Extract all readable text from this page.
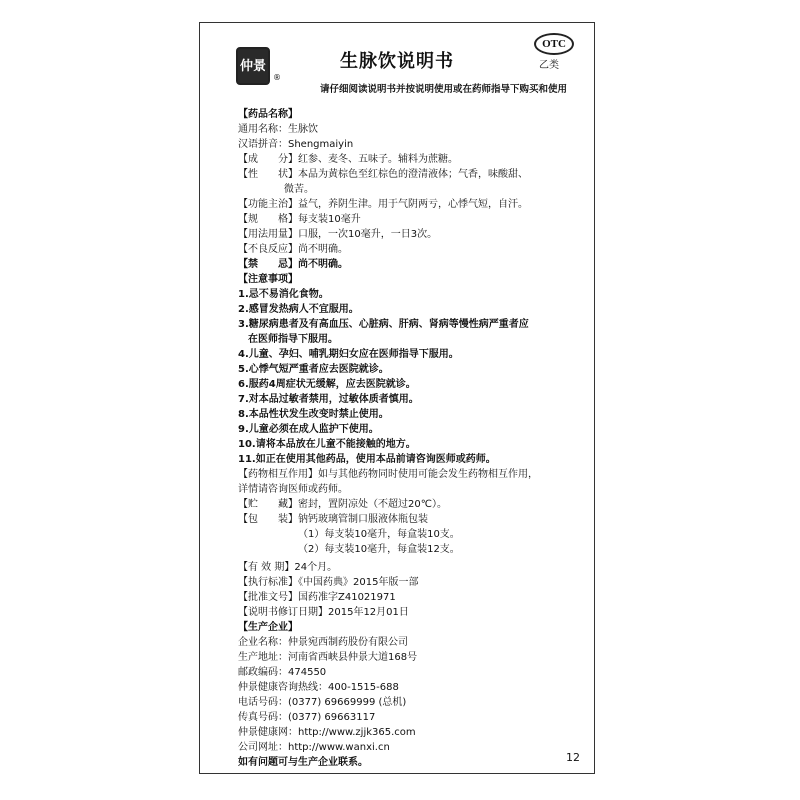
仲景
®
生脉饮说明书
OTC
乙类
请仔细阅读说明书并按说明使用或在药师指导下购买和使用
【药品名称】
通用名称：生脉饮
汉语拼音：Shengmaiyin
【成　　分】红参、麦冬、五味子。辅料为蔗糖。
【性　　状】本品为黄棕色至红棕色的澄清液体；气香，味酸甜、
微苦。
【功能主治】益气，养阴生津。用于气阴两亏，心悸气短，自汗。
【规　　格】每支装10毫升
【用法用量】口服，一次10毫升，一日3次。
【不良反应】尚不明确。
【禁　　忌】尚不明确。
【注意事项】
1.忌不易消化食物。
2.感冒发热病人不宜服用。
3.糖尿病患者及有高血压、心脏病、肝病、肾病等慢性病严重者应
在医师指导下服用。
4.儿童、孕妇、哺乳期妇女应在医师指导下服用。
5.心悸气短严重者应去医院就诊。
6.服药4周症状无缓解，应去医院就诊。
7.对本品过敏者禁用，过敏体质者慎用。
8.本品性状发生改变时禁止使用。
9.儿童必须在成人监护下使用。
10.请将本品放在儿童不能接触的地方。
11.如正在使用其他药品，使用本品前请咨询医师或药师。
【药物相互作用】如与其他药物同时使用可能会发生药物相互作用，
详情请咨询医师或药师。
【贮　　藏】密封，置阴凉处（不超过20℃）。
【包　　装】钠钙玻璃管制口服液体瓶包装
（1）每支装10毫升，每盒装10支。
（2）每支装10毫升，每盒装12支。
【有 效 期】24个月。
【执行标准】《中国药典》2015年版一部
【批准文号】国药准字Z41021971
【说明书修订日期】2015年12月01日
【生产企业】
企业名称：仲景宛西制药股份有限公司
生产地址：河南省西峡县仲景大道168号
邮政编码：474550
仲景健康咨询热线：400-1515-688
电话号码：(0377) 69669999 (总机)
传真号码：(0377) 69663117
仲景健康网：http://www.zjjk365.com
公司网址：http://www.wanxi.cn
如有问题可与生产企业联系。	12
